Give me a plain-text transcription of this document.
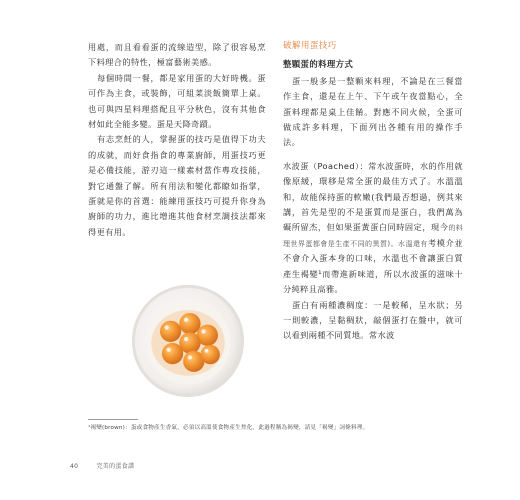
用處，而且看看蛋的流線造型，除了很容易烹下料理合的特性，極富藝術美感。

每個時間一餐，都是家用蛋的大好時機。蛋可作為主食，或裝飾，可組菜淡飯簡單上桌。也可與四星料理搭配且平分秋色，沒有其他食材如此全能多變。蛋是天降奇蹟。

有志烹飪的人，掌握蛋的技巧是值得下功夫的成就，而好食指食的專業廚師，用蛋技巧更是必備技能，游刃這一樣素材當作專攻技能，對它通盤了解。所有用法和變化都瞭如指掌，蛋就是你的首選：能練用蛋技巧可提升你身為廚師的功力，進比增進其他食材烹調技法都來得更有用。

破解用蛋技巧

整顆蛋的料理方式

蛋一般多是一整顆來料理，不論是在三餐當作主食，還是在上午、下午或午夜當點心，全蛋料理都是桌上佳餚。對應不同火候，全蛋可做成許多料理，下面列出各種有用的操作手法。

水波蛋（Poached）：常水波蛋時，水的作用就像原緩，環移是常全蛋的最佳方式了。水溫溫和，故能保持蛋的軟嫩(我們最否想過，例其來講，首先是型的不是蛋質而是蛋白，我們萬為礙所留杰，但如果蛋黃蛋白同時固定，現今的料理世界蛋都會是生產不同的異質)。水溫還有考模介並不會介入蛋本身的口味，水溫也不會讓蛋白質產生褐變¹而帶進新味道，所以水波蛋的滋味十分純粹且高雅。

蛋白有兩種濃稠度：一是較稀，呈水狀；另一則較濃，呈黏稠狀，敲個蛋打在盤中，就可以看到兩種不同質地。常水波

¹褐變(brown)：蛋或食物產生香氣，必須以高溫使食物產生焦化，此過程稱為褐變，請見「褐變」詞條料理。
40	完美的蛋食譜
